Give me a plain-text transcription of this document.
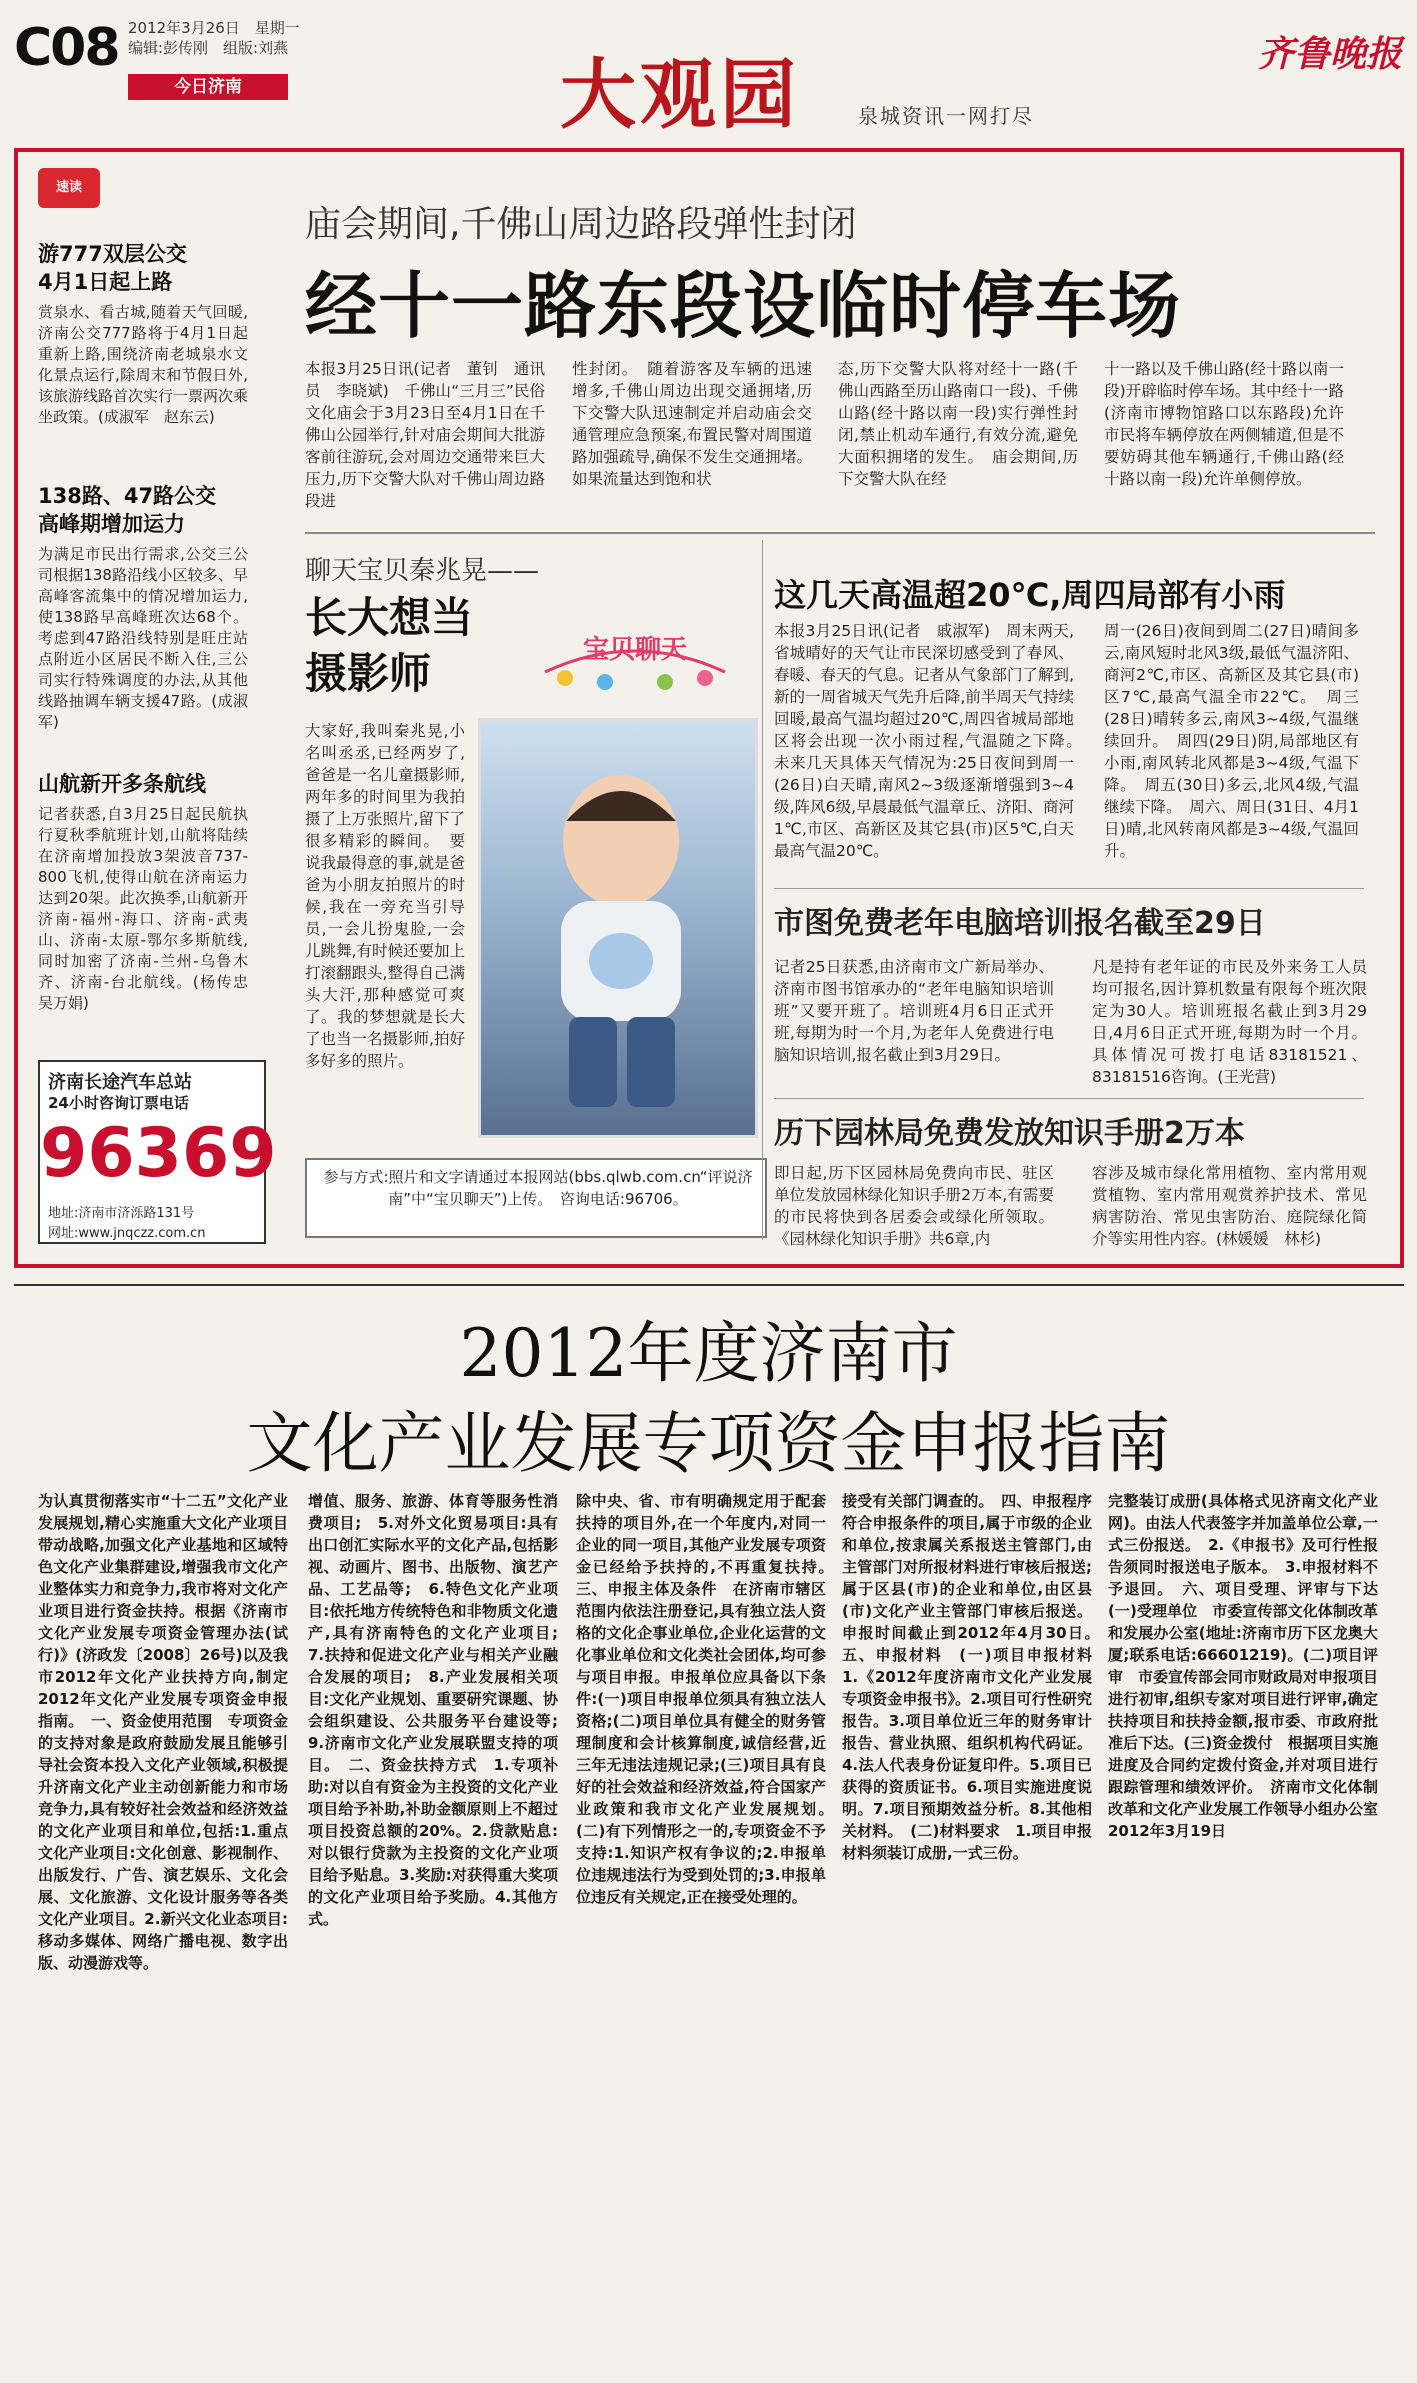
C08 2012年3月26日　星期一
编辑:彭传刚　组版:刘燕
今日济南	大观园	泉城资讯一网打尽
齐鲁晚报
速读
游777双层公交
4月1日起上路
赏泉水、看古城,随着天气回暖,济南公交777路将于4月1日起重新上路,围绕济南老城泉水文化景点运行,除周末和节假日外,该旅游线路首次实行一票两次乘坐政策。(成淑军　赵东云)
138路、47路公交
高峰期增加运力
为满足市民出行需求,公交三公司根据138路沿线小区较多、早高峰客流集中的情况增加运力,使138路早高峰班次达68个。考虑到47路沿线特别是旺庄站点附近小区居民不断入住,三公司实行特殊调度的办法,从其他线路抽调车辆支援47路。(成淑军)
山航新开多条航线
记者获悉,自3月25日起民航执行夏秋季航班计划,山航将陆续在济南增加投放3架波音737-800飞机,使得山航在济南运力达到20架。此次换季,山航新开济南-福州-海口、济南-武夷山、济南-太原-鄂尔多斯航线,同时加密了济南-兰州-乌鲁木齐、济南-台北航线。(杨传忠　吴万娟)
济南长途汽车总站
24小时咨询订票电话
96369
地址:济南市济泺路131号
网址:www.jnqczz.com.cn
庙会期间,千佛山周边路段弹性封闭
经十一路东段设临时停车场
本报3月25日讯(记者　董钊　通讯员　李晓斌)　千佛山“三月三”民俗文化庙会于3月23日至4月1日在千佛山公园举行,针对庙会期间大批游客前往游玩,会对周边交通带来巨大压力,历下交警大队对千佛山周边路段进
性封闭。　随着游客及车辆的迅速增多,千佛山周边出现交通拥堵,历下交警大队迅速制定并启动庙会交通管理应急预案,布置民警对周围道路加强疏导,确保不发生交通拥堵。如果流量达到饱和状
态,历下交警大队将对经十一路(千佛山西路至历山路南口一段)、千佛山路(经十路以南一段)实行弹性封闭,禁止机动车通行,有效分流,避免大面积拥堵的发生。　庙会期间,历下交警大队在经
十一路以及千佛山路(经十路以南一段)开辟临时停车场。其中经十一路(济南市博物馆路口以东路段)允许市民将车辆停放在两侧辅道,但是不要妨碍其他车辆通行,千佛山路(经十路以南一段)允许单侧停放。
聊天宝贝秦兆晃——
长大想当
摄影师	宝贝聊天
大家好,我叫秦兆晃,小名叫丞丞,已经两岁了,爸爸是一名儿童摄影师,两年多的时间里为我拍摄了上万张照片,留下了很多精彩的瞬间。　要说我最得意的事,就是爸爸为小朋友拍照片的时候,我在一旁充当引导员,一会儿扮鬼脸,一会儿跳舞,有时候还要加上打滚翻跟头,整得自己满头大汗,那种感觉可爽了。我的梦想就是长大了也当一名摄影师,拍好多好多的照片。
参与方式:照片和文字请通过本报网站(bbs.qlwb.com.cn“评说济南”中“宝贝聊天”)上传。　咨询电话:96706。
这几天高温超20℃,周四局部有小雨
本报3月25日讯(记者　戚淑军)　周末两天,省城晴好的天气让市民深切感受到了春风、春暖、春天的气息。记者从气象部门了解到,新的一周省城天气先升后降,前半周天气持续回暖,最高气温均超过20℃,周四省城局部地区将会出现一次小雨过程,气温随之下降。　未来几天具体天气情况为:25日夜间到周一(26日)白天晴,南风2~3级逐渐增强到3~4级,阵风6级,早晨最低气温章丘、济阳、商河1℃,市区、高新区及其它县(市)区5℃,白天最高气温20℃。
周一(26日)夜间到周二(27日)晴间多云,南风短时北风3级,最低气温济阳、商河2℃,市区、高新区及其它县(市)区7℃,最高气温全市22℃。　周三(28日)晴转多云,南风3~4级,气温继续回升。　周四(29日)阴,局部地区有小雨,南风转北风都是3~4级,气温下降。　周五(30日)多云,北风4级,气温继续下降。　周六、周日(31日、4月1日)晴,北风转南风都是3~4级,气温回升。
市图免费老年电脑培训报名截至29日
记者25日获悉,由济南市文广新局举办、济南市图书馆承办的“老年电脑知识培训班”又要开班了。培训班4月6日正式开班,每期为时一个月,为老年人免费进行电脑知识培训,报名截止到3月29日。
凡是持有老年证的市民及外来务工人员均可报名,因计算机数量有限每个班次限定为30人。培训班报名截止到3月29日,4月6日正式开班,每期为时一个月。具体情况可拨打电话83181521、83181516咨询。(王光营)
历下园林局免费发放知识手册2万本
即日起,历下区园林局免费向市民、驻区单位发放园林绿化知识手册2万本,有需要的市民将快到各居委会或绿化所领取。《园林绿化知识手册》共6章,内
容涉及城市绿化常用植物、室内常用观赏植物、室内常用观赏养护技术、常见病害防治、常见虫害防治、庭院绿化简介等实用性内容。(林媛媛　林杉)
2012年度济南市
文化产业发展专项资金申报指南
为认真贯彻落实市“十二五”文化产业发展规划,精心实施重大文化产业项目带动战略,加强文化产业基地和区域特色文化产业集群建设,增强我市文化产业整体实力和竞争力,我市将对文化产业项目进行资金扶持。根据《济南市文化产业发展专项资金管理办法(试行)》(济政发〔2008〕26号)以及我市2012年文化产业扶持方向,制定2012年文化产业发展专项资金申报指南。　一、资金使用范围　专项资金的支持对象是政府鼓励发展且能够引导社会资本投入文化产业领域,积极提升济南文化产业主动创新能力和市场竞争力,具有较好社会效益和经济效益的文化产业项目和单位,包括:1.重点文化产业项目:文化创意、影视制作、出版发行、广告、演艺娱乐、文化会展、文化旅游、文化设计服务等各类文化产业项目。2.新兴文化业态项目:移动多媒体、网络广播电视、数字出版、动漫游戏等。
增值、服务、旅游、体育等服务性消费项目;　5.对外文化贸易项目:具有出口创汇实际水平的文化产品,包括影视、动画片、图书、出版物、演艺产品、工艺品等;　6.特色文化产业项目:依托地方传统特色和非物质文化遗产,具有济南特色的文化产业项目;　7.扶持和促进文化产业与相关产业融合发展的项目;　8.产业发展相关项目:文化产业规划、重要研究课题、协会组织建设、公共服务平台建设等;　9.济南市文化产业发展联盟支持的项目。　二、资金扶持方式　1.专项补助:对以自有资金为主投资的文化产业项目给予补助,补助金额原则上不超过项目投资总额的20%。2.贷款贴息:对以银行贷款为主投资的文化产业项目给予贴息。3.奖励:对获得重大奖项的文化产业项目给予奖励。4.其他方式。
除中央、省、市有明确规定用于配套扶持的项目外,在一个年度内,对同一企业的同一项目,其他产业发展专项资金已经给予扶持的,不再重复扶持。　三、申报主体及条件　在济南市辖区范围内依法注册登记,具有独立法人资格的文化企事业单位,企业化运营的文化事业单位和文化类社会团体,均可参与项目申报。申报单位应具备以下条件:(一)项目申报单位须具有独立法人资格;(二)项目单位具有健全的财务管理制度和会计核算制度,诚信经营,近三年无违法违规记录;(三)项目具有良好的社会效益和经济效益,符合国家产业政策和我市文化产业发展规划。　(二)有下列情形之一的,专项资金不予支持:1.知识产权有争议的;2.申报单位违规违法行为受到处罚的;3.申报单位违反有关规定,正在接受处理的。
接受有关部门调查的。　四、申报程序　符合申报条件的项目,属于市级的企业和单位,按隶属关系报送主管部门,由主管部门对所报材料进行审核后报送;属于区县(市)的企业和单位,由区县(市)文化产业主管部门审核后报送。申报时间截止到2012年4月30日。　五、申报材料　(一)项目申报材料　1.《2012年度济南市文化产业发展专项资金申报书》。2.项目可行性研究报告。3.项目单位近三年的财务审计报告、营业执照、组织机构代码证。4.法人代表身份证复印件。5.项目已获得的资质证书。6.项目实施进度说明。7.项目预期效益分析。8.其他相关材料。　(二)材料要求　1.项目申报材料须装订成册,一式三份。
完整装订成册(具体格式见济南文化产业网)。由法人代表签字并加盖单位公章,一式三份报送。　2.《申报书》及可行性报告须同时报送电子版本。　3.申报材料不予退回。　六、项目受理、评审与下达　(一)受理单位　市委宣传部文化体制改革和发展办公室(地址:济南市历下区龙奥大厦;联系电话:66601219)。(二)项目评审　市委宣传部会同市财政局对申报项目进行初审,组织专家对项目进行评审,确定扶持项目和扶持金额,报市委、市政府批准后下达。(三)资金拨付　根据项目实施进度及合同约定拨付资金,并对项目进行跟踪管理和绩效评价。　济南市文化体制改革和文化产业发展工作领导小组办公室　2012年3月19日
